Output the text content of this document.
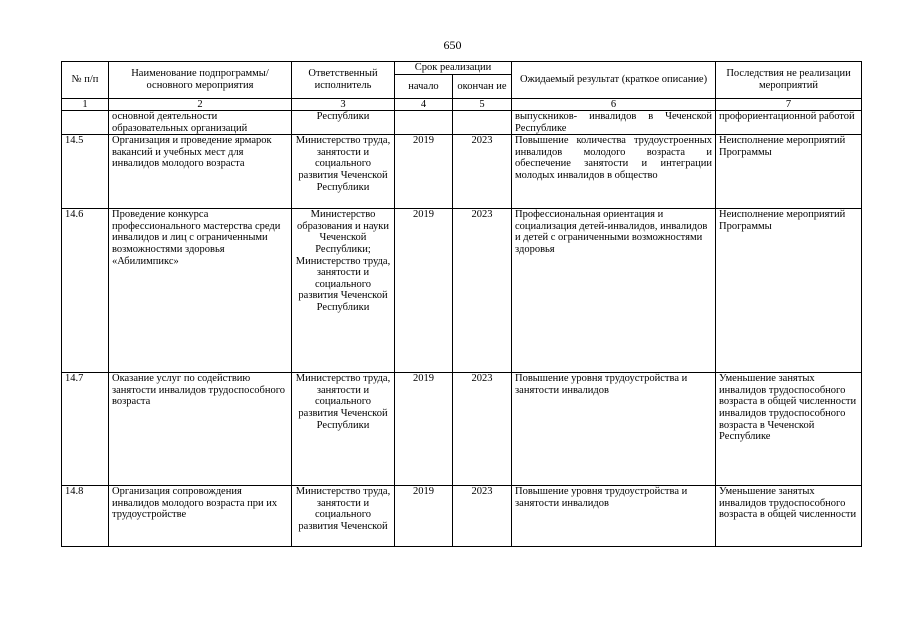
650
№ п/п	Наименование подпрограммы/ основного мероприятия	Ответственный исполнитель	Срок реализации		Ожидаемый результат (краткое описание)	Последствия не реализации мероприятий
			начало	окончан ие		
1	2	3	4	5	6	7
	основной деятельности образовательных организаций	Республики			выпускников- инвалидов в Чеченской Республике	профориентационной работой
14.5	Организация и проведение ярмарок вакансий и учебных мест для инвалидов молодого возраста	Министерство труда, занятости и социального развития Чеченской Республики	2019	2023	Повышение количества трудоустроенных инвалидов молодого возраста и обеспечение занятости и интеграции молодых инвалидов в общество	Неисполнение мероприятий Программы
14.6	Проведение конкурса профессионального мастерства среди инвалидов и лиц с ограниченными возможностями здоровья «Абилимпикс»	Министерство образования и науки Чеченской Республики; Министерство труда, занятости и социального развития Чеченской Республики	2019	2023	Профессиональная ориентация и социализация детей-инвалидов, инвалидов и детей с ограниченными возможностями здоровья	Неисполнение мероприятий Программы
14.7	Оказание услуг по содействию занятости инвалидов трудоспособного возраста	Министерство труда, занятости и социального развития Чеченской Республики	2019	2023	Повышение уровня трудоустройства и занятости инвалидов	Уменьшение занятых инвалидов трудоспособного возраста в общей численности инвалидов трудоспособного возраста в Чеченской Республике
14.8	Организация сопровождения инвалидов молодого возраста при их трудоустройстве	Министерство труда, занятости и социального развития Чеченской	2019	2023	Повышение уровня трудоустройства и занятости инвалидов	Уменьшение занятых инвалидов трудоспособного возраста в общей численности
